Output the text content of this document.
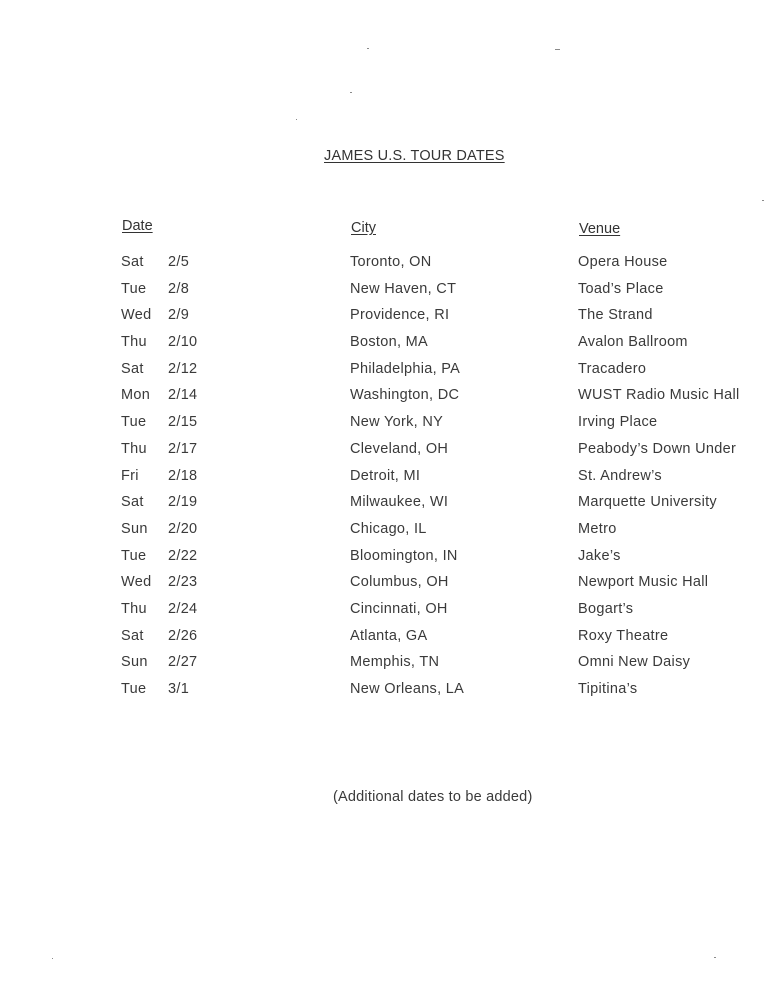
JAMES U.S. TOUR DATES
Date	City	Venue
Sat 2/5	Toronto, ON	Opera House
Tue 2/8	New Haven, CT	Toad’s Place
Wed 2/9	Providence, RI	The Strand
Thu 2/10	Boston, MA	Avalon Ballroom
Sat 2/12	Philadelphia, PA	Tracadero
Mon 2/14	Washington, DC	WUST Radio Music Hall
Tue 2/15	New York, NY	Irving Place
Thu 2/17	Cleveland, OH	Peabody’s Down Under
Fri 2/18	Detroit, MI	St. Andrew’s
Sat 2/19	Milwaukee, WI	Marquette University
Sun 2/20	Chicago, IL	Metro
Tue 2/22	Bloomington, IN	Jake’s
Wed 2/23	Columbus, OH	Newport Music Hall
Thu 2/24	Cincinnati, OH	Bogart’s
Sat 2/26	Atlanta, GA	Roxy Theatre
Sun 2/27	Memphis, TN	Omni New Daisy
Tue 3/1	New Orleans, LA	Tipitina’s
(Additional dates to be added)
